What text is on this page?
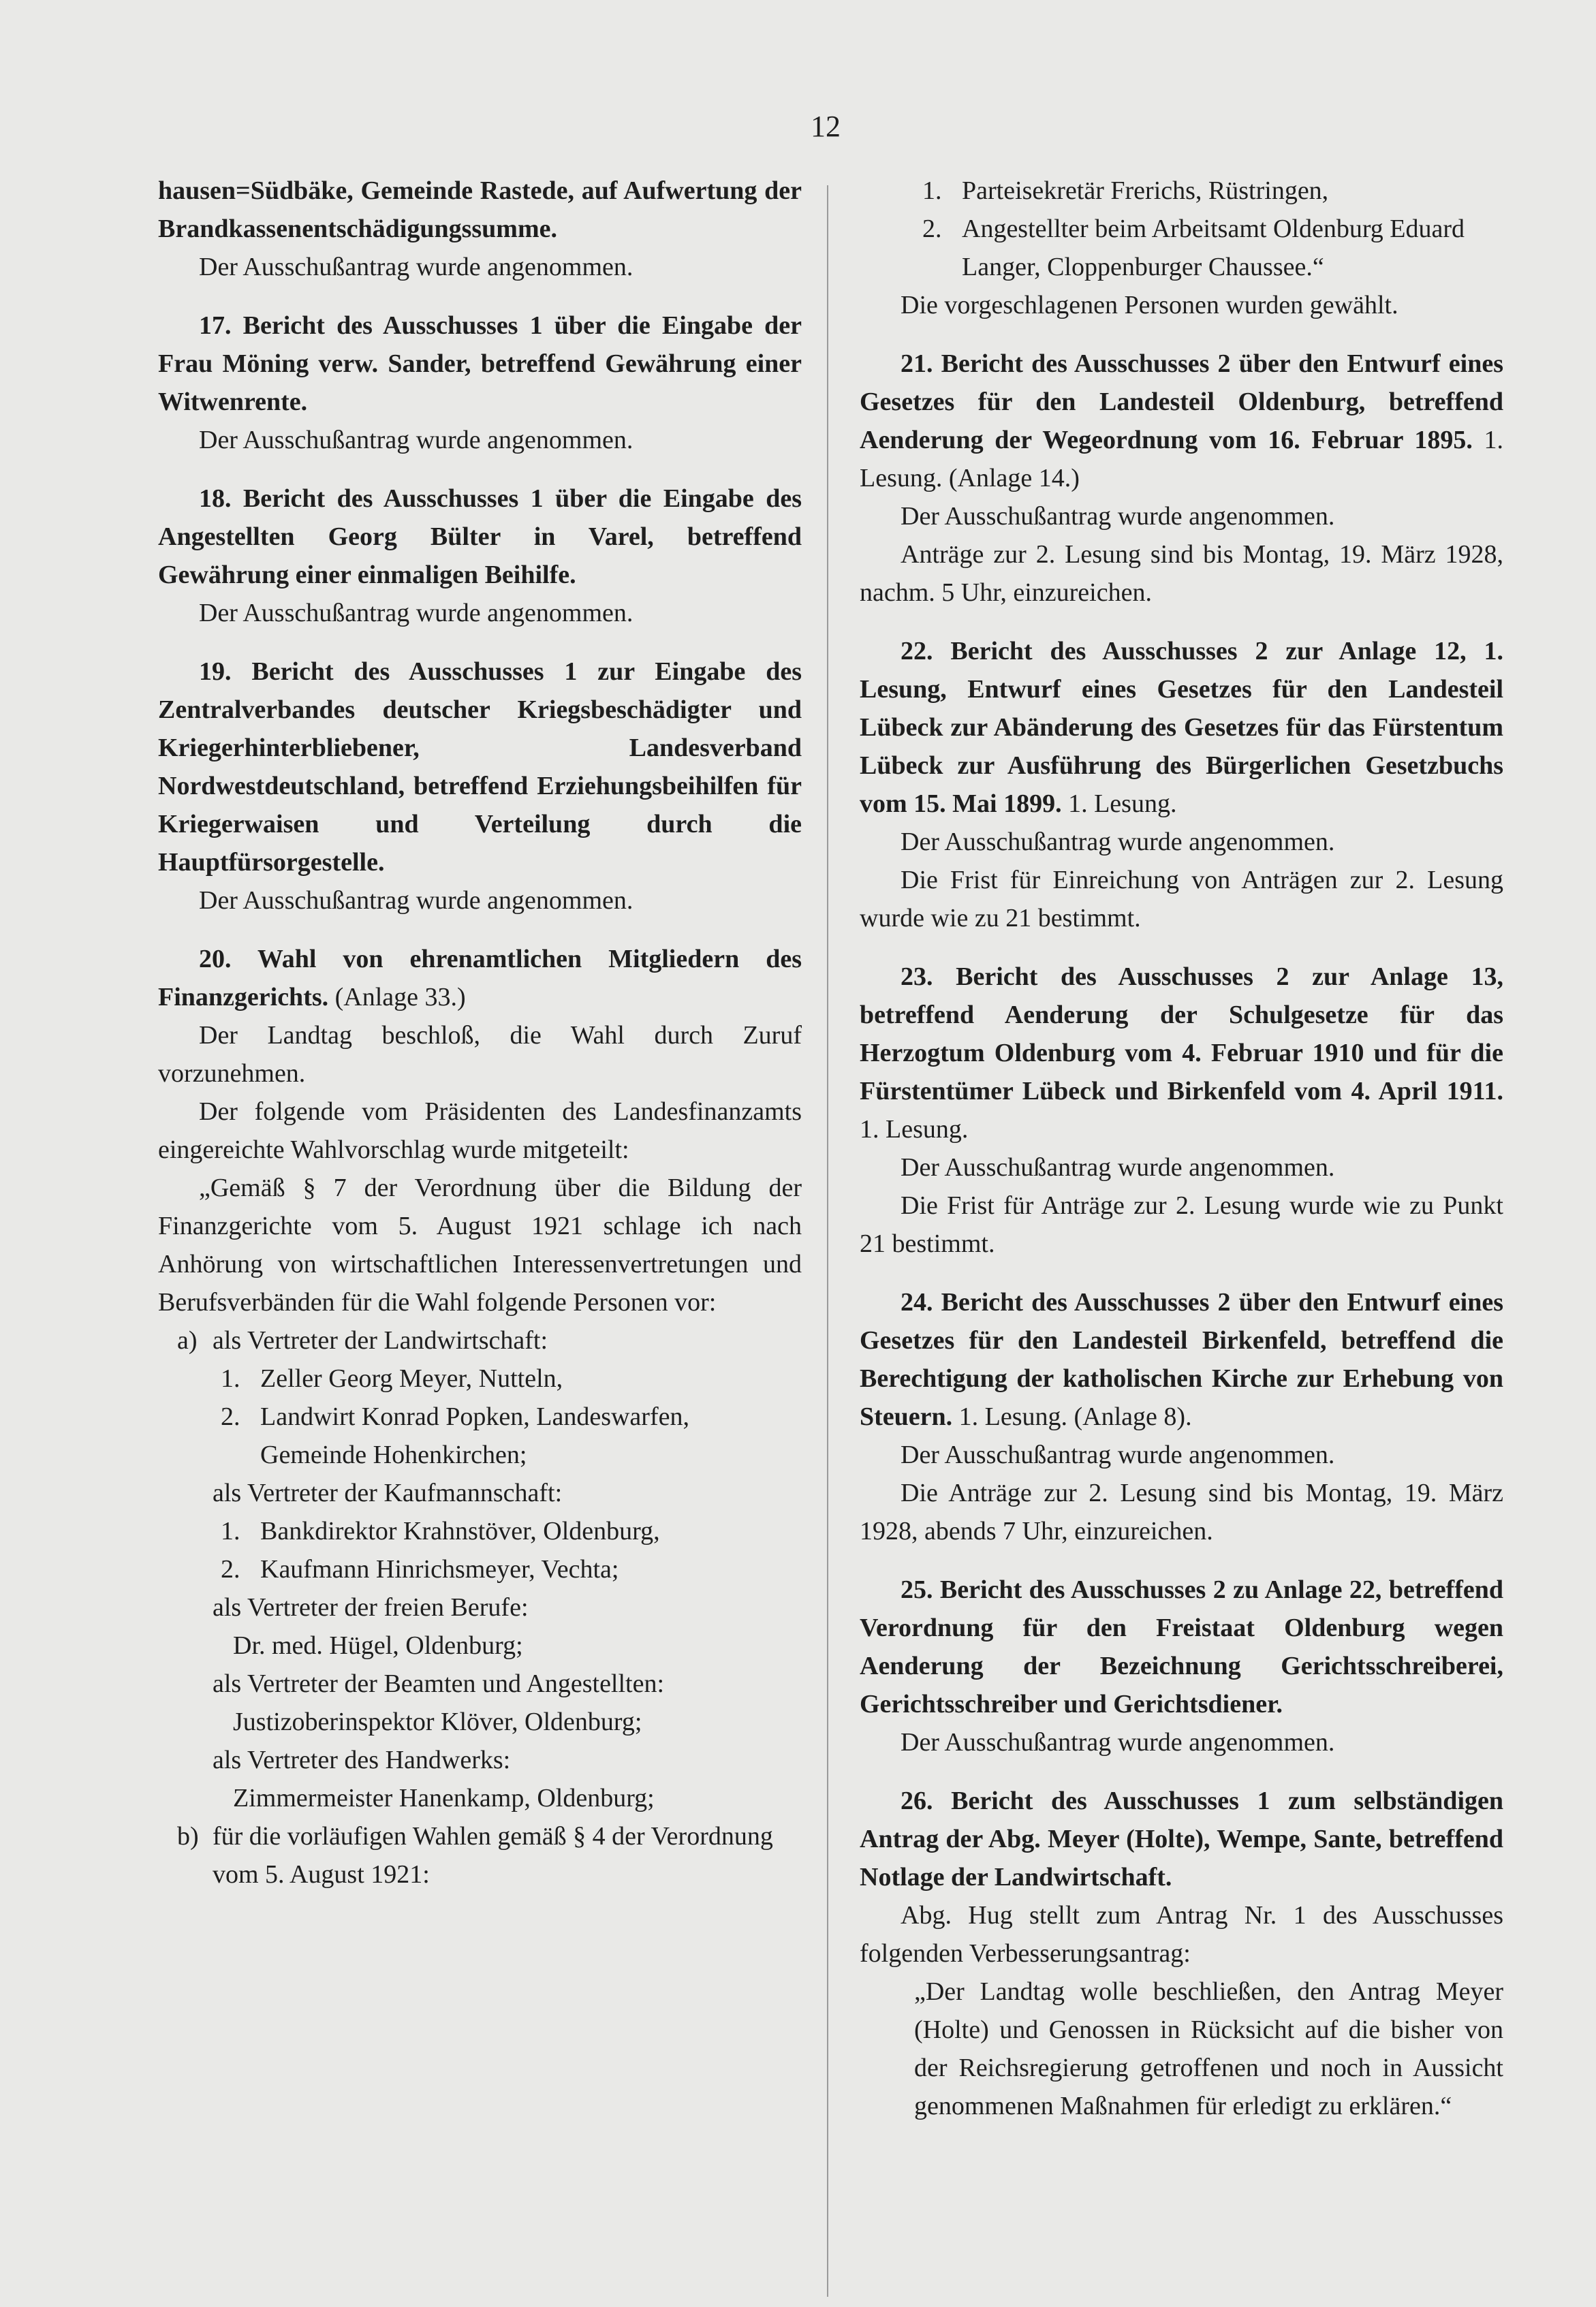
12

hausen=Südbäke, Gemeinde Rastede, auf Aufwertung der Brandkassenentschädigungssumme.

Der Ausschußantrag wurde angenommen.

17. Bericht des Ausschusses 1 über die Eingabe der Frau Möning verw. Sander, betreffend Gewährung einer Witwenrente.

Der Ausschußantrag wurde angenommen.

18. Bericht des Ausschusses 1 über die Eingabe des Angestellten Georg Bülter in Varel, betreffend Gewährung einer einmaligen Beihilfe.

Der Ausschußantrag wurde angenommen.

19. Bericht des Ausschusses 1 zur Eingabe des Zentralverbandes deutscher Kriegsbeschädigter und Kriegerhinterbliebener, Landesverband Nordwestdeutschland, betreffend Erziehungsbeihilfen für Kriegerwaisen und Verteilung durch die Hauptfürsorgestelle.

Der Ausschußantrag wurde angenommen.

20. Wahl von ehrenamtlichen Mitgliedern des Finanzgerichts. (Anlage 33.)

Der Landtag beschloß, die Wahl durch Zuruf vorzunehmen.

Der folgende vom Präsidenten des Landesfinanzamts eingereichte Wahlvorschlag wurde mitgeteilt:

„Gemäß § 7 der Verordnung über die Bildung der Finanzgerichte vom 5. August 1921 schlage ich nach Anhörung von wirtschaftlichen Interessenvertretungen und Berufsverbänden für die Wahl folgende Personen vor:

a) als Vertreter der Landwirtschaft:

1. Zeller Georg Meyer, Nutteln,

2. Landwirt Konrad Popken, Landeswarfen, Gemeinde Hohenkirchen;

als Vertreter der Kaufmannschaft:

1. Bankdirektor Krahnstöver, Oldenburg,

2. Kaufmann Hinrichsmeyer, Vechta;

als Vertreter der freien Berufe:

Dr. med. Hügel, Oldenburg;

als Vertreter der Beamten und Angestellten:

Justizoberinspektor Klöver, Oldenburg;

als Vertreter des Handwerks:

Zimmermeister Hanenkamp, Oldenburg;

b) für die vorläufigen Wahlen gemäß § 4 der Verordnung vom 5. August 1921:

1. Parteisekretär Frerichs, Rüstringen,

2. Angestellter beim Arbeitsamt Oldenburg Eduard Langer, Cloppenburger Chaussee.“

Die vorgeschlagenen Personen wurden gewählt.

21. Bericht des Ausschusses 2 über den Entwurf eines Gesetzes für den Landesteil Oldenburg, betreffend Aenderung der Wegeordnung vom 16. Februar 1895. 1. Lesung. (Anlage 14.)

Der Ausschußantrag wurde angenommen.

Anträge zur 2. Lesung sind bis Montag, 19. März 1928, nachm. 5 Uhr, einzureichen.

22. Bericht des Ausschusses 2 zur Anlage 12, 1. Lesung, Entwurf eines Gesetzes für den Landesteil Lübeck zur Abänderung des Gesetzes für das Fürstentum Lübeck zur Ausführung des Bürgerlichen Gesetzbuchs vom 15. Mai 1899. 1. Lesung.

Der Ausschußantrag wurde angenommen.

Die Frist für Einreichung von Anträgen zur 2. Lesung wurde wie zu 21 bestimmt.

23. Bericht des Ausschusses 2 zur Anlage 13, betreffend Aenderung der Schulgesetze für das Herzogtum Oldenburg vom 4. Februar 1910 und für die Fürstentümer Lübeck und Birkenfeld vom 4. April 1911. 1. Lesung.

Der Ausschußantrag wurde angenommen.

Die Frist für Anträge zur 2. Lesung wurde wie zu Punkt 21 bestimmt.

24. Bericht des Ausschusses 2 über den Entwurf eines Gesetzes für den Landesteil Birkenfeld, betreffend die Berechtigung der katholischen Kirche zur Erhebung von Steuern. 1. Lesung. (Anlage 8).

Der Ausschußantrag wurde angenommen.

Die Anträge zur 2. Lesung sind bis Montag, 19. März 1928, abends 7 Uhr, einzureichen.

25. Bericht des Ausschusses 2 zu Anlage 22, betreffend Verordnung für den Freistaat Oldenburg wegen Aenderung der Bezeichnung Gerichtsschreiberei, Gerichtsschreiber und Gerichtsdiener.

Der Ausschußantrag wurde angenommen.

26. Bericht des Ausschusses 1 zum selbständigen Antrag der Abg. Meyer (Holte), Wempe, Sante, betreffend Notlage der Landwirtschaft.

Abg. Hug stellt zum Antrag Nr. 1 des Ausschusses folgenden Verbesserungsantrag:

„Der Landtag wolle beschließen, den Antrag Meyer (Holte) und Genossen in Rücksicht auf die bisher von der Reichsregierung getroffenen und noch in Aussicht genommenen Maßnahmen für erledigt zu erklären.“
